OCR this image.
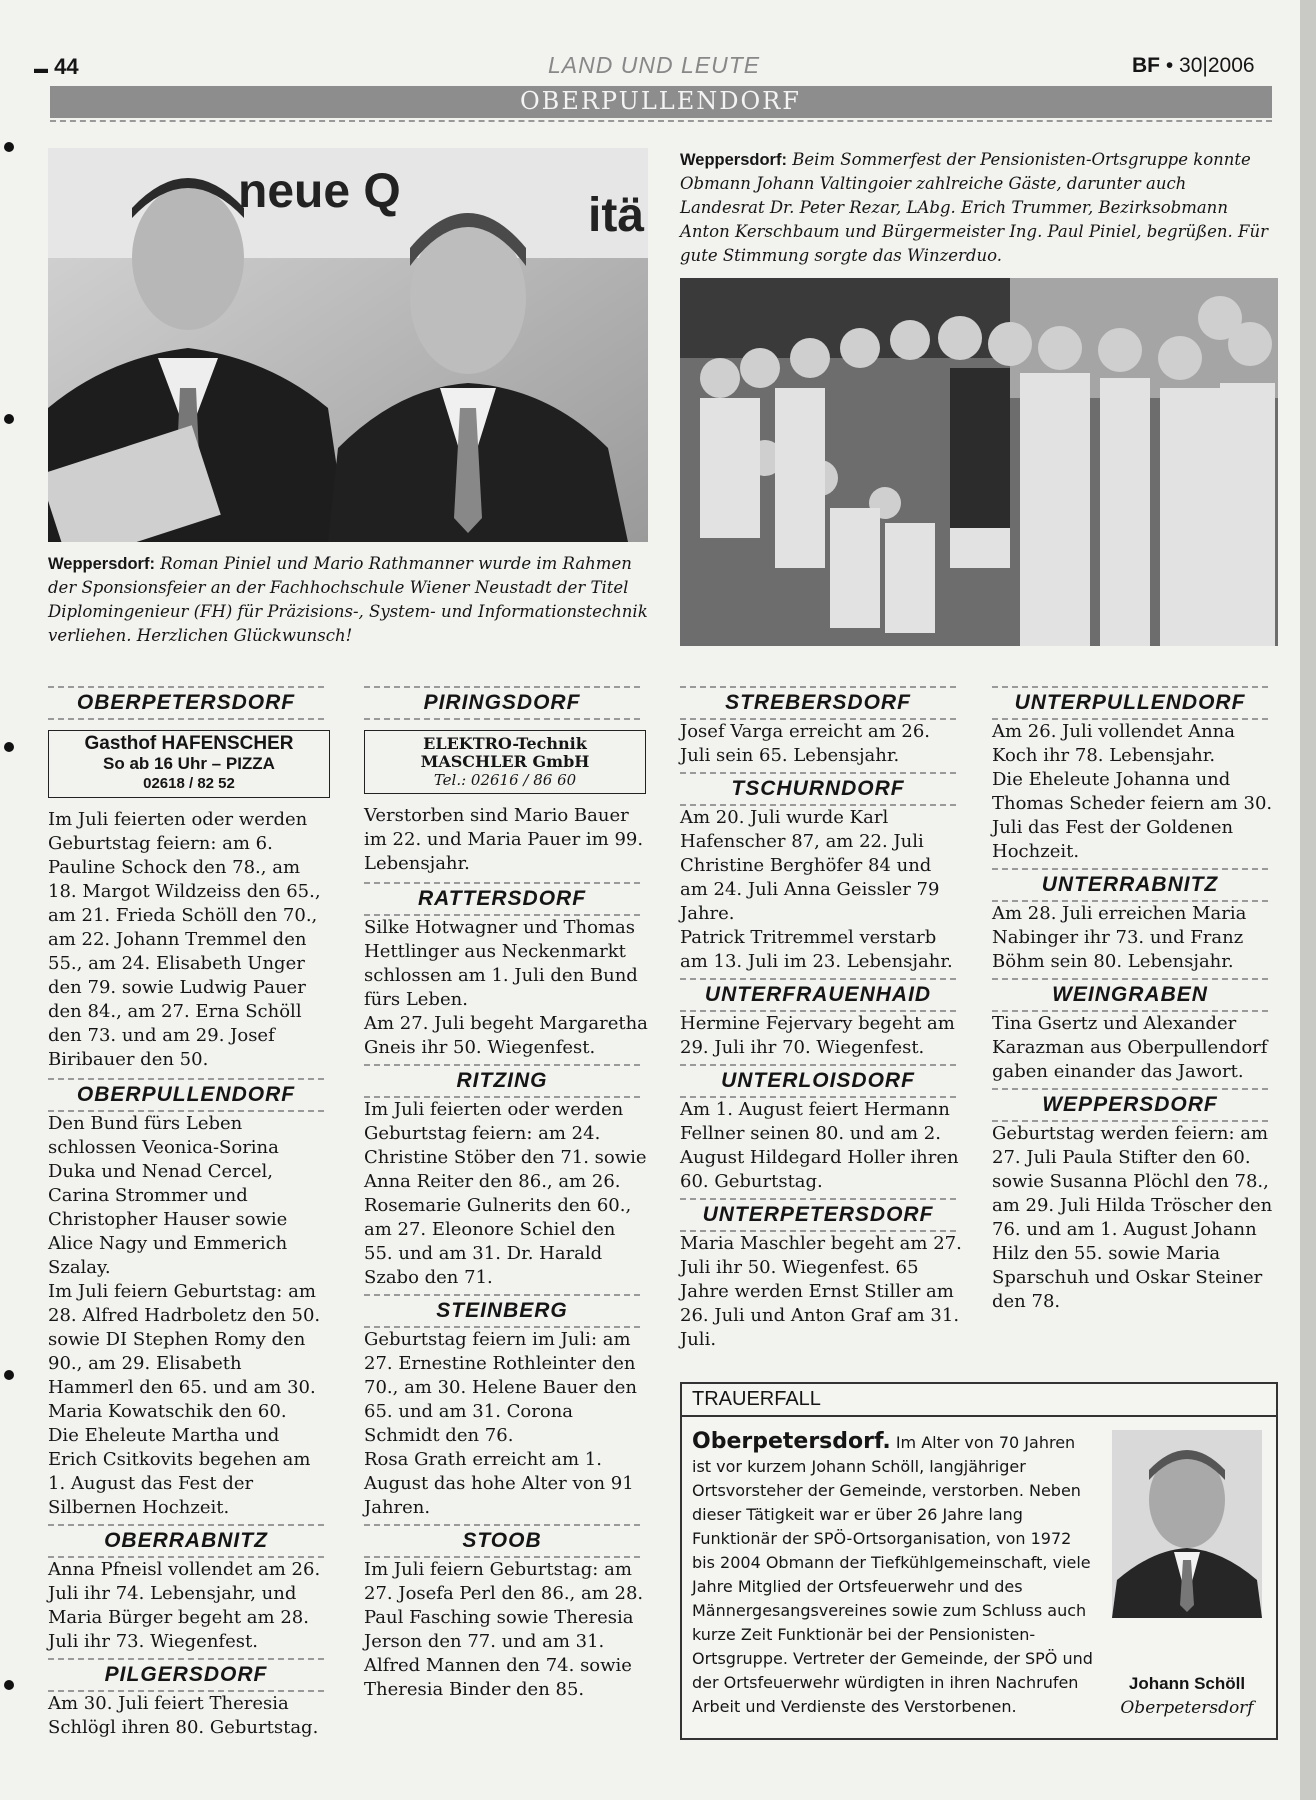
▬ 44	LAND UND LEUTE	BF • 30|2006
OBERPULLENDORF
neue Q	itä
Weppersdorf: Roman Piniel und Mario Rathmanner wurde im Rahmen der Sponsionsfeier an der Fachhochschule Wiener Neustadt der Titel Diplomingenieur (FH) für Präzisions-, System- und Informationstechnik verliehen. Herzlichen Glückwunsch!
Weppersdorf: Beim Sommerfest der Pensionisten-Ortsgruppe konnte Obmann Johann Valtingoier zahlreiche Gäste, darunter auch Landesrat Dr. Peter Rezar, LAbg. Erich Trummer, Bezirksobmann Anton Kerschbaum und Bürgermeister Ing. Paul Piniel, begrüßen. Für gute Stimmung sorgte das Winzerduo.
OBERPETERSDORF
Gasthof HAFENSCHER
So ab 16 Uhr – PIZZA
02618 / 82 52
Im Juli feierten oder werden Geburtstag feiern: am 6. Pauline Schock den 78., am 18. Margot Wildzeiss den 65., am 21. Frieda Schöll den 70., am 22. Johann Tremmel den 55., am 24. Elisabeth Unger den 79. sowie Ludwig Pauer den 84., am 27. Erna Schöll den 73. und am 29. Josef Biribauer den 50.
OBERPULLENDORF
Den Bund fürs Leben schlossen Veonica-Sorina Duka und Nenad Cercel, Carina Strommer und Christopher Hauser sowie Alice Nagy und Emmerich Szalay.
Im Juli feiern Geburtstag: am 28. Alfred Hadrboletz den 50. sowie DI Stephen Romy den 90., am 29. Elisabeth Hammerl den 65. und am 30. Maria Kowatschik den 60.
Die Eheleute Martha und Erich Csitkovits begehen am 1. August das Fest der Silbernen Hochzeit.
OBERRABNITZ
Anna Pfneisl vollendet am 26. Juli ihr 74. Lebensjahr, und Maria Bürger begeht am 28. Juli ihr 73. Wiegenfest.
PILGERSDORF
Am 30. Juli feiert Theresia Schlögl ihren 80. Geburtstag.
PIRINGSDORF
ELEKTRO-Technik
MASCHLER GmbH
Tel.: 02616 / 86 60
Verstorben sind Mario Bauer im 22. und Maria Pauer im 99. Lebensjahr.
RATTERSDORF
Silke Hotwagner und Thomas Hettlinger aus Neckenmarkt schlossen am 1. Juli den Bund fürs Leben.
Am 27. Juli begeht Margaretha Gneis ihr 50. Wiegenfest.
RITZING
Im Juli feierten oder werden Geburtstag feiern: am 24. Christine Stöber den 71. sowie Anna Reiter den 86., am 26. Rosemarie Gulnerits den 60., am 27. Eleonore Schiel den 55. und am 31. Dr. Harald Szabo den 71.
STEINBERG
Geburtstag feiern im Juli: am 27. Ernestine Rothleinter den 70., am 30. Helene Bauer den 65. und am 31. Corona Schmidt den 76.
Rosa Grath erreicht am 1. August das hohe Alter von 91 Jahren.
STOOB
Im Juli feiern Geburtstag: am 27. Josefa Perl den 86., am 28. Paul Fasching sowie Theresia Jerson den 77. und am 31. Alfred Mannen den 74. sowie Theresia Binder den 85.
STREBERSDORF
Josef Varga erreicht am 26. Juli sein 65. Lebensjahr.
TSCHURNDORF
Am 20. Juli wurde Karl Hafenscher 87, am 22. Juli Christine Berghöfer 84 und am 24. Juli Anna Geissler 79 Jahre.
Patrick Tritremmel verstarb am 13. Juli im 23. Lebensjahr.
UNTERFRAUENHAID
Hermine Fejervary begeht am 29. Juli ihr 70. Wiegenfest.
UNTERLOISDORF
Am 1. August feiert Hermann Fellner seinen 80. und am 2. August Hildegard Holler ihren 60. Geburtstag.
UNTERPETERSDORF
Maria Maschler begeht am 27. Juli ihr 50. Wiegenfest. 65 Jahre werden Ernst Stiller am 26. Juli und Anton Graf am 31. Juli.
UNTERPULLENDORF
Am 26. Juli vollendet Anna Koch ihr 78. Lebensjahr.
Die Eheleute Johanna und Thomas Scheder feiern am 30. Juli das Fest der Goldenen Hochzeit.
UNTERRABNITZ
Am 28. Juli erreichen Maria Nabinger ihr 73. und Franz Böhm sein 80. Lebensjahr.
WEINGRABEN
Tina Gsertz und Alexander Karazman aus Oberpullendorf gaben einander das Jawort.
WEPPERSDORF
Geburtstag werden feiern: am 27. Juli Paula Stifter den 60. sowie Susanna Plöchl den 78., am 29. Juli Hilda Tröscher den 76. und am 1. August Johann Hilz den 55. sowie Maria Sparschuh und Oskar Steiner den 78.
TRAUERFALL
Oberpetersdorf. Im Alter von 70 Jahren ist vor kurzem Johann Schöll, langjähriger Ortsvorsteher der Gemeinde, verstorben. Neben dieser Tätigkeit war er über 26 Jahre lang Funktionär der SPÖ-Ortsorganisation, von 1972 bis 2004 Obmann der Tiefkühlgemeinschaft, viele Jahre Mitglied der Ortsfeuerwehr und des Männergesangsvereines sowie zum Schluss auch kurze Zeit Funktionär bei der Pensionisten-Ortsgruppe. Vertreter der Gemeinde, der SPÖ und der Ortsfeuerwehr würdigten in ihren Nachrufen Arbeit und Verdienste des Verstorbenen.
Johann Schöll
Oberpetersdorf
